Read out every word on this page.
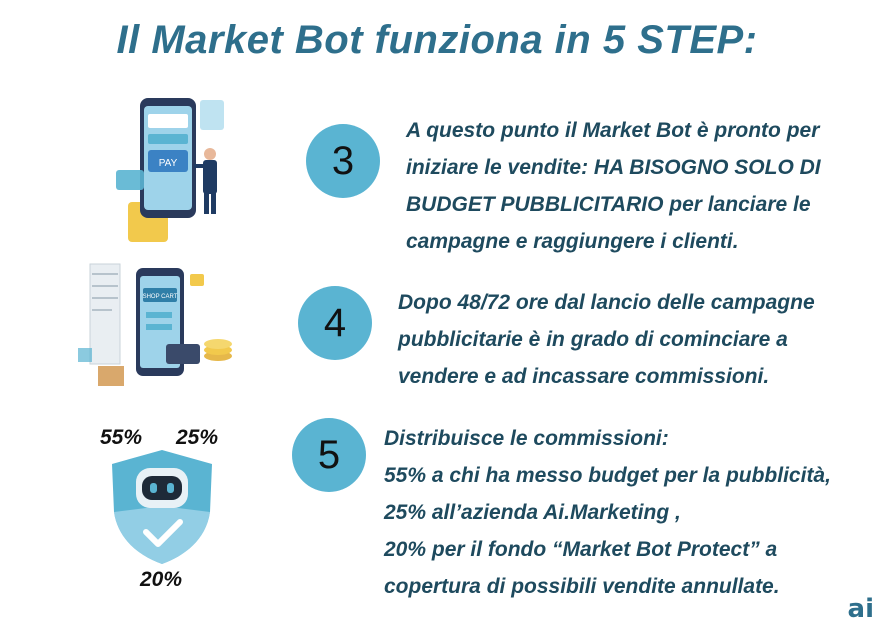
Il Market Bot funziona in 5 STEP:
PAY
SHOP CART
55% 25%
20%
3
A questo punto il Market Bot è pronto per
iniziare le vendite: HA BISOGNO SOLO DI
BUDGET PUBBLICITARIO per lanciare le
campagne e raggiungere i clienti.
4 Dopo 48/72 ore dal lancio delle campagne
pubblicitarie è in grado di cominciare a
vendere e ad incassare commissioni.
5 Distribuisce le commissioni:
55% a chi ha messo budget per la pubblicità,
25% all’azienda Ai.Marketing ,
20% per il fondo “Market Bot Protect” a
copertura di possibili vendite annullate.
ai
